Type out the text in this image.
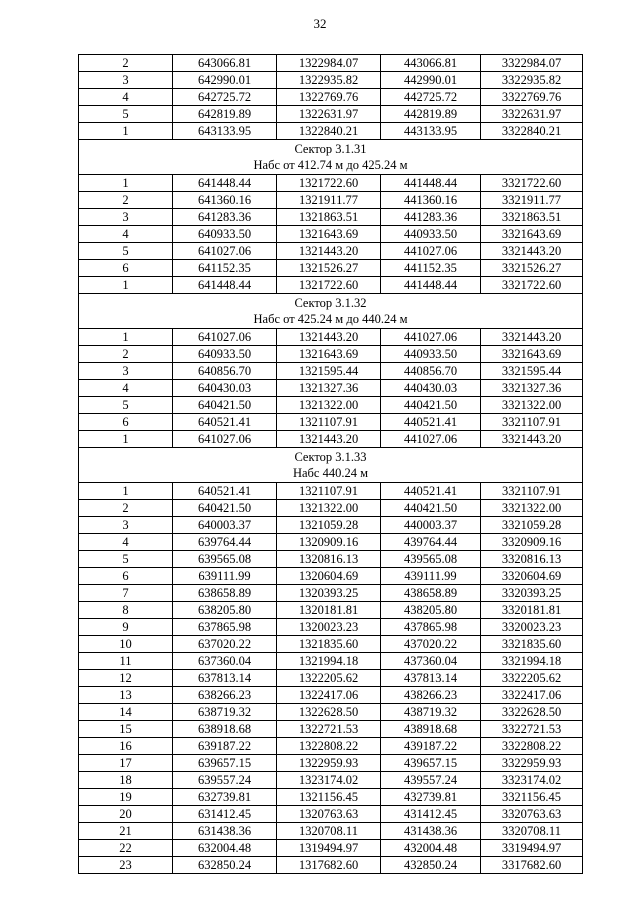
32
2	643066.81	1322984.07	443066.81	3322984.07
3	642990.01	1322935.82	442990.01	3322935.82
4	642725.72	1322769.76	442725.72	3322769.76
5	642819.89	1322631.97	442819.89	3322631.97
1	643133.95	1322840.21	443133.95	3322840.21

Сектор 3.1.31
Набс от 412.74 м до 425.24 м				

1	641448.44	1321722.60	441448.44	3321722.60
2	641360.16	1321911.77	441360.16	3321911.77
3	641283.36	1321863.51	441283.36	3321863.51
4	640933.50	1321643.69	440933.50	3321643.69
5	641027.06	1321443.20	441027.06	3321443.20
6	641152.35	1321526.27	441152.35	3321526.27
1	641448.44	1321722.60	441448.44	3321722.60

Сектор 3.1.32
Набс от 425.24 м до 440.24 м				

1	641027.06	1321443.20	441027.06	3321443.20
2	640933.50	1321643.69	440933.50	3321643.69
3	640856.70	1321595.44	440856.70	3321595.44
4	640430.03	1321327.36	440430.03	3321327.36
5	640421.50	1321322.00	440421.50	3321322.00
6	640521.41	1321107.91	440521.41	3321107.91
1	641027.06	1321443.20	441027.06	3321443.20

Сектор 3.1.33
Набс 440.24 м				

1	640521.41	1321107.91	440521.41	3321107.91
2	640421.50	1321322.00	440421.50	3321322.00
3	640003.37	1321059.28	440003.37	3321059.28
4	639764.44	1320909.16	439764.44	3320909.16
5	639565.08	1320816.13	439565.08	3320816.13
6	639111.99	1320604.69	439111.99	3320604.69
7	638658.89	1320393.25	438658.89	3320393.25
8	638205.80	1320181.81	438205.80	3320181.81
9	637865.98	1320023.23	437865.98	3320023.23
10	637020.22	1321835.60	437020.22	3321835.60
11	637360.04	1321994.18	437360.04	3321994.18
12	637813.14	1322205.62	437813.14	3322205.62
13	638266.23	1322417.06	438266.23	3322417.06
14	638719.32	1322628.50	438719.32	3322628.50
15	638918.68	1322721.53	438918.68	3322721.53
16	639187.22	1322808.22	439187.22	3322808.22
17	639657.15	1322959.93	439657.15	3322959.93
18	639557.24	1323174.02	439557.24	3323174.02
19	632739.81	1321156.45	432739.81	3321156.45
20	631412.45	1320763.63	431412.45	3320763.63
21	631438.36	1320708.11	431438.36	3320708.11
22	632004.48	1319494.97	432004.48	3319494.97
23	632850.24	1317682.60	432850.24	3317682.60
